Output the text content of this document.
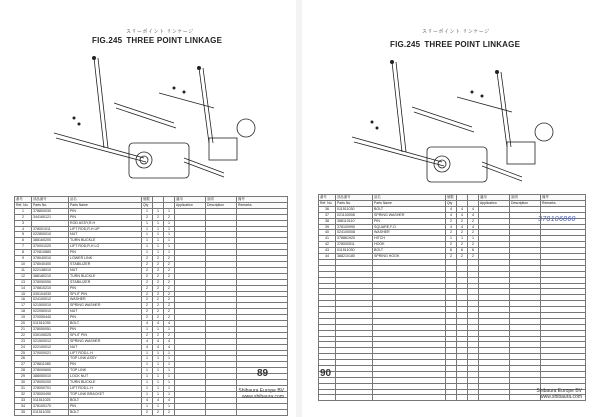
スリーポイント リンケージ
FIG.245 THREE POINT LINKAGE
番号	部品番号	品名	個数			適用	説明	備考
Ref. No.	Parts No.	Parts Name	Qty			Application	Description	Remarks
1	378800030	PIN	1	1	1			
2	344160121	PIN	2	2	2			
3		ROD ASSY,R.H	1	1	1			
4	378001011	LIFT ROD,R.H UP	1	1	1			
5	022800010	NUT	1	1	1			
6	388160200	TURN BUCKLE	1	1	1			
7	370001020	LIFT ROD,R.H LO	1	1	1			
8	370810880	PIN	1	1	1			
9	378040010	LOWER LINK	2	2	2			
10	378040400	STABILIZER	2	2	2			
11	022138010	NUT	2	2	2			
12	388180210	TURN BUCKLE	2	2	2			
13	378050050	STABILIZER	2	2	2			
14	378810210	PIN	2	2	2			
15	030104030	SPLIT PIN	2	2	2			
16	024100012	WASHER	2	2	2			
17	021500010	SPRING WASHER	2	2	2			
18	022050010	NUT	2	2	2			
19	370050440	PIN	2	2	2			
20	011511035	BOLT	4	4	4			
21	378050051	PIN	1	1	1			
22	030105025	SPLIT PIN	2	2	2			
23	021500012	SPRING WASHER	4	4	4			
24	022100012	NUT	4	4	4			
25	370000021	LIFT ROD,L.H	1	1	1			
26		TOP LINK ASSY	1	1	1			
27	378811080	PIN	1	1	1			
28	378000600	TOP LINK	1	1	1			
29	388050010	LOCK NUT	1	1	1			
30	378000200	TURN BUCKLE	1	1	1			
31	378000701	LIFT ROD,L.H	1	1	1			
32	378000490	TOP LINK BRACKET	1	1	1			
33	011511025	BOLT	4	4	4			
34	378100170	PIN	1	1	1			
35	011511035	BOLT	2	2	2			
89
Shibaura Europe BV
www.shibaura.com
スリーポイント リンケージ
FIG.245 THREE POINT LINKAGE
番号	部品番号	品名	個数			適用	説明	備考
Ref. No.	Parts No.	Parts Name	Qty			Application	Description	Remarks
36	011511030	BOLT	4	4	4			
37	021100008	SPRING WASHER	4	4	4			
38	388110110	PIN	2	2	2			
39	378100990	SQUARE,F.O	4	4	4			
40	024100008	WASHER	2	2	2			
41	378861920	HITCH	1	1	1			
42	378000511	HOOK	2	2	2			
43	011511030	BOLT	6	6	6			
44	388210180	SPRING HOOK	2	2	2			

378106860
90
Shibaura Europe BV
www.shibaura.com
